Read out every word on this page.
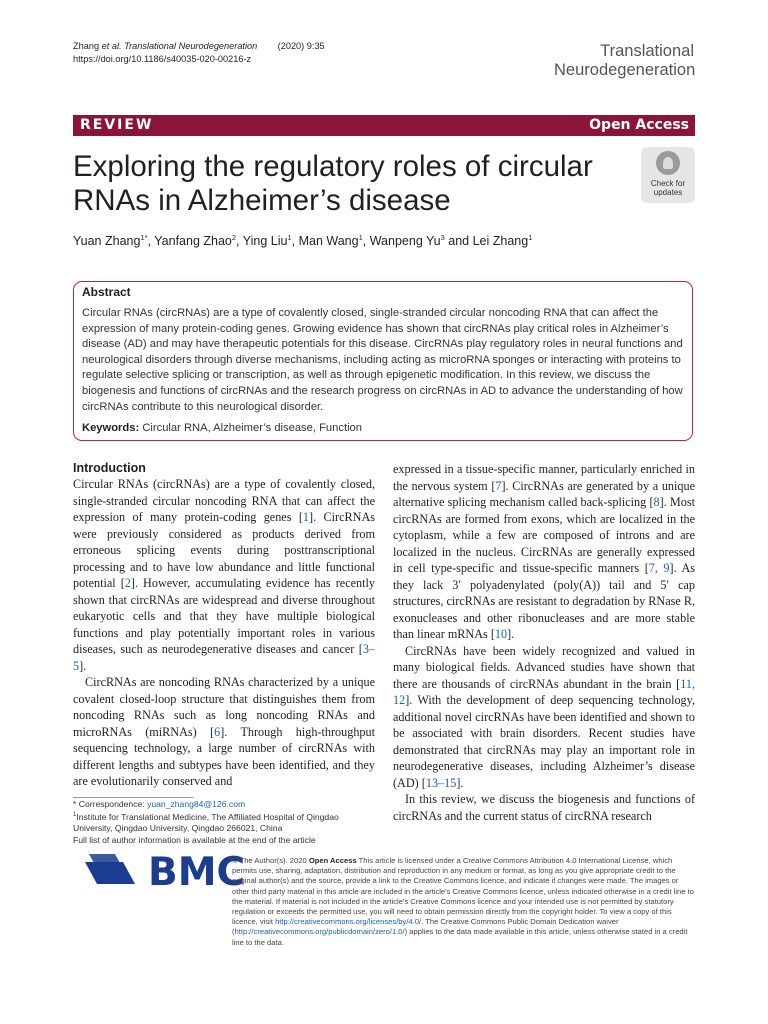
Zhang et al. Translational Neurodegeneration (2020) 9:35
https://doi.org/10.1186/s40035-020-00216-z	Translational
Neurodegeneration
REVIEW	Open Access
Exploring the regulatory roles of circular RNAs in Alzheimer’s disease
Check for
updates
Yuan Zhang$^{1*}$, Yanfang Zhao$^2$, Ying Liu$^1$, Man Wang$^1$, Wanpeng Yu$^3$ and Lei Zhang$^1$
Abstract
Circular RNAs (circRNAs) are a type of covalently closed, single-stranded circular noncoding RNA that can affect the expression of many protein-coding genes. Growing evidence has shown that circRNAs play critical roles in Alzheimer’s disease (AD) and may have therapeutic potentials for this disease. CircRNAs play regulatory roles in neural functions and neurological disorders through diverse mechanisms, including acting as microRNA sponges or interacting with proteins to regulate selective splicing or transcription, as well as through epigenetic modification. In this review, we discuss the biogenesis and functions of circRNAs and the research progress on circRNAs in AD to advance the understanding of how circRNAs contribute to this neurological disorder.
Keywords: Circular RNA, Alzheimer’s disease, Function
Introduction

Circular RNAs (circRNAs) are a type of covalently closed, single-stranded circular noncoding RNA that can affect the expression of many protein-coding genes [1]. CircRNAs were previously considered as products derived from erroneous splicing events during posttranscriptional processing and to have low abundance and little functional potential [2]. However, accumulating evidence has recently shown that circRNAs are widespread and diverse throughout eukaryotic cells and that they have multiple biological functions and play potentially important roles in various diseases, such as neurodegenerative diseases and cancer [3–5].

CircRNAs are noncoding RNAs characterized by a unique covalent closed-loop structure that distinguishes them from noncoding RNAs such as long noncoding RNAs and microRNAs (miRNAs) [6]. Through high-throughput sequencing technology, a large number of circRNAs with different lengths and subtypes have been identified, and they are evolutionarily conserved and

expressed in a tissue-specific manner, particularly enriched in the nervous system [7]. CircRNAs are generated by a unique alternative splicing mechanism called back-splicing [8]. Most circRNAs are formed from exons, which are localized in the cytoplasm, while a few are composed of introns and are localized in the nucleus. CircRNAs are generally expressed in cell type-specific and tissue-specific manners [7, 9]. As they lack 3′ polyadenylated (poly(A)) tail and 5′ cap structures, circRNAs are resistant to degradation by RNase R, exonucleases and other ribonucleases and are more stable than linear mRNAs [10].

CircRNAs have been widely recognized and valued in many biological fields. Advanced studies have shown that there are thousands of circRNAs abundant in the brain [11, 12]. With the development of deep sequencing technology, additional novel circRNAs have been identified and shown to be associated with brain disorders. Recent studies have demonstrated that circRNAs may play an important role in neurodegenerative diseases, including Alzheimer’s disease (AD) [13–15].

In this review, we discuss the biogenesis and functions of circRNAs and the current status of circRNA research

* Correspondence: yuan_zhang84@126.com
$^1$Institute for Translational Medicine, The Affiliated Hospital of Qingdao University, Qingdao University, Qingdao 266021, China
Full list of author information is available at the end of the article
BMC
© The Author(s). 2020 Open Access This article is licensed under a Creative Commons Attribution 4.0 International License, which permits use, sharing, adaptation, distribution and reproduction in any medium or format, as long as you give appropriate credit to the original author(s) and the source, provide a link to the Creative Commons licence, and indicate if changes were made. The images or other third party material in this article are included in the article's Creative Commons licence, unless indicated otherwise in a credit line to the material. If material is not included in the article's Creative Commons licence and your intended use is not permitted by statutory regulation or exceeds the permitted use, you will need to obtain permission directly from the copyright holder. To view a copy of this licence, visit http://creativecommons.org/licenses/by/4.0/. The Creative Commons Public Domain Dedication waiver (http://creativecommons.org/publicdomain/zero/1.0/) applies to the data made available in this article, unless otherwise stated in a credit line to the data.
